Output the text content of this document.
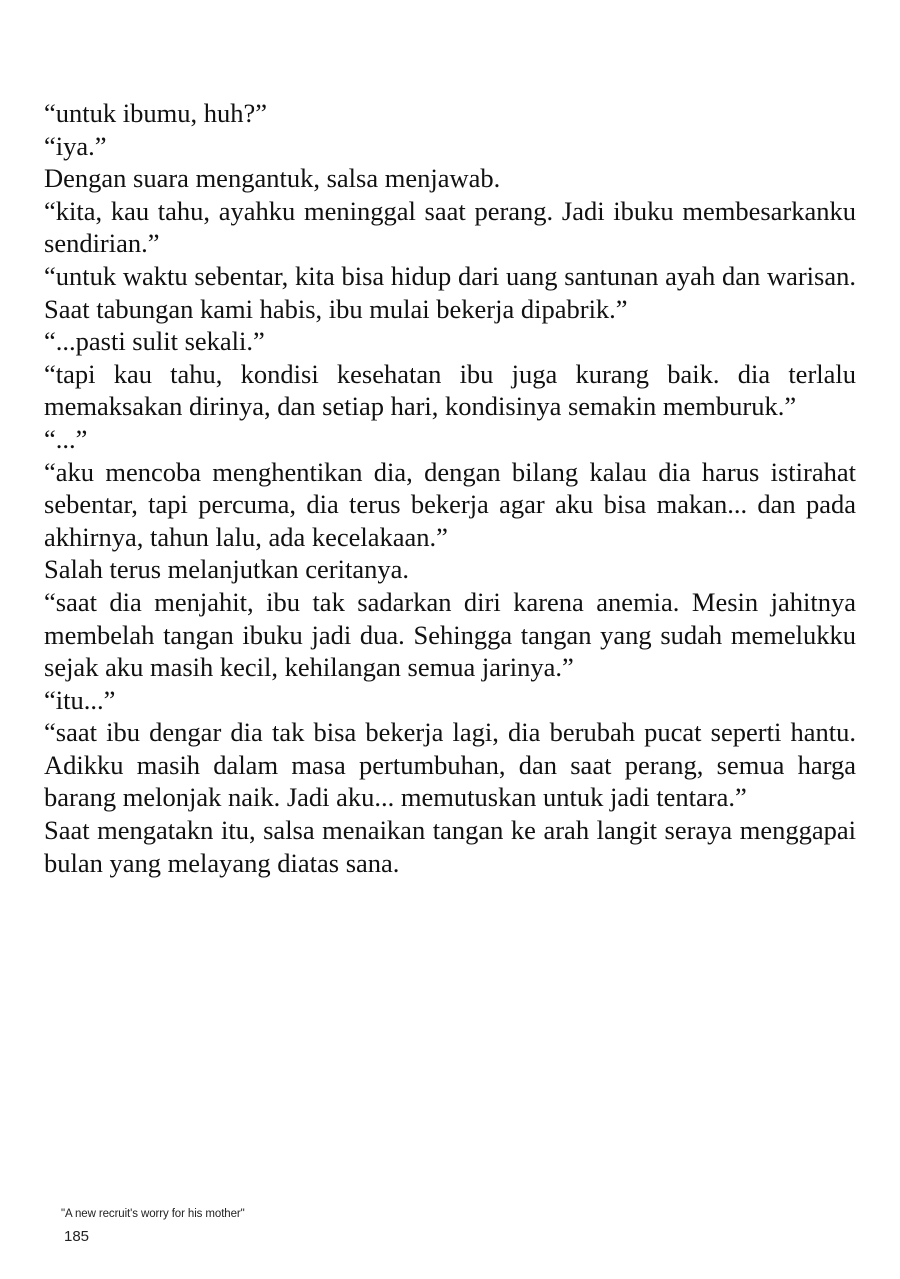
“untuk ibumu, huh?”

“iya.”

Dengan suara mengantuk, salsa menjawab.

“kita, kau tahu, ayahku meninggal saat perang. Jadi ibuku membesarkanku sendirian.”

“untuk waktu sebentar, kita bisa hidup dari uang santunan ayah dan warisan. Saat tabungan kami habis, ibu mulai bekerja dipabrik.”

“...pasti sulit sekali.”

“tapi kau tahu, kondisi kesehatan ibu juga kurang baik. dia terlalu memaksakan dirinya, dan setiap hari, kondisinya semakin memburuk.”

“...”

“aku mencoba menghentikan dia, dengan bilang kalau dia harus istirahat sebentar, tapi percuma, dia terus bekerja agar aku bisa makan... dan pada akhirnya, tahun lalu, ada kecelakaan.”

Salah terus melanjutkan ceritanya.

“saat dia menjahit, ibu tak sadarkan diri karena anemia. Mesin jahitnya membelah tangan ibuku jadi dua. Sehingga tangan yang sudah memelukku sejak aku masih kecil, kehilangan semua jarinya.”

“itu...”

“saat ibu dengar dia tak bisa bekerja lagi, dia berubah pucat seperti hantu. Adikku masih dalam masa pertumbuhan, dan saat perang, semua harga barang melonjak naik. Jadi aku... memutuskan untuk jadi tentara.”

Saat mengatakn itu, salsa menaikan tangan ke arah langit seraya menggapai bulan yang melayang diatas sana.

"A new recruit's worry for his mother"
185
